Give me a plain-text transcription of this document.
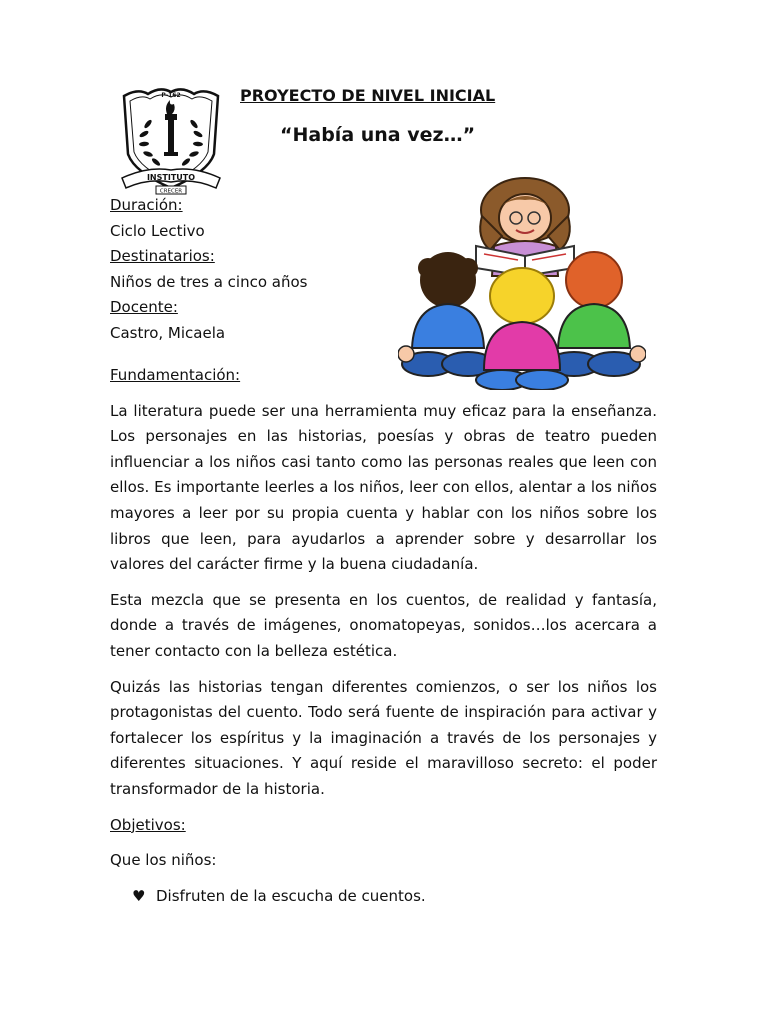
P-162
INSTITUTO
CRECER
PROYECTO DE NIVEL INICIAL
“Había una vez…”
Duración:
Ciclo Lectivo
Destinatarios:
Niños de tres a cinco años
Docente:
Castro, Micaela

Fundamentación:

La literatura puede ser una herramienta muy eficaz para la enseñanza. Los personajes en las historias, poesías y obras de teatro pueden influenciar a los niños casi tanto como las personas reales que leen con ellos. Es importante leerles a los niños, leer con ellos, alentar a los niños mayores a leer por su propia cuenta y hablar con los niños sobre los libros que leen, para ayudarlos a aprender sobre y desarrollar los valores del carácter firme y la buena ciudadanía.

Esta mezcla que se presenta en los cuentos, de realidad y fantasía, donde a través de imágenes, onomatopeyas, sonidos…los acercara a tener contacto con la belleza estética.

Quizás las historias tengan diferentes comienzos, o ser los niños los protagonistas del cuento. Todo será fuente de inspiración para activar y fortalecer los espíritus y la imaginación a través de los personajes y diferentes situaciones. Y aquí reside el maravilloso secreto: el poder transformador de la historia.

Objetivos:

Que los niños:

♥ Disfruten de la escucha de cuentos.
